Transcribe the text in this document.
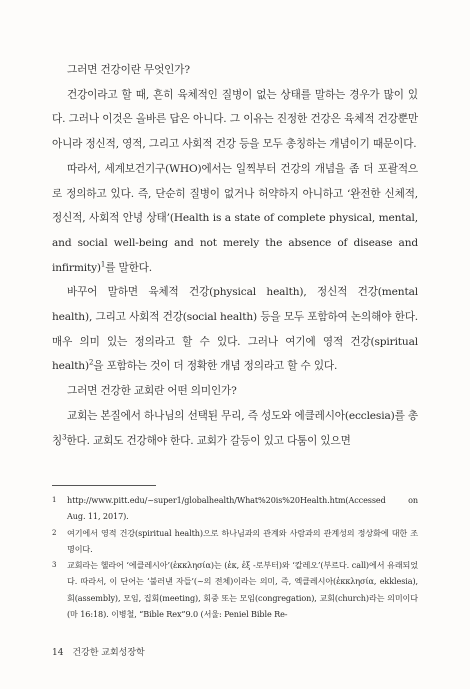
그러면 건강이란 무엇인가?

건강이라고 할 때, 흔히 육체적인 질병이 없는 상태를 말하는 경우가 많이 있다. 그러나 이것은 올바른 답은 아니다. 그 이유는 진정한 건강은 육체적 건강뿐만 아니라 정신적, 영적, 그리고 사회적 건강 등을 모두 총칭하는 개념이기 때문이다.

따라서, 세계보건기구(WHO)에서는 일찍부터 건강의 개념을 좀 더 포괄적으로 정의하고 있다. 즉, 단순히 질병이 없거나 허약하지 아니하고 ‘완전한 신체적, 정신적, 사회적 안녕 상태’(Health is a state of complete physical, mental, and social well-being and not merely the absence of disease and infirmity)$^1$를 말한다.

바꾸어 말하면 육체적 건강(physical health), 정신적 건강(mental health), 그리고 사회적 건강(social health) 등을 모두 포함하여 논의해야 한다. 매우 의미 있는 정의라고 할 수 있다. 그러나 여기에 영적 건강(spiritual health)$^2$을 포함하는 것이 더 정확한 개념 정의라고 할 수 있다.

그러면 건강한 교회란 어떤 의미인가?

교회는 본질에서 하나님의 선택된 무리, 즉 성도와 에클레시아(ecclesia)를 총칭$^3$한다. 교회도 건강해야 한다. 교회가 갈등이 있고 다툼이 있으면

1 http://www.pitt.edu/~super1/globalhealth/What%20is%20Health.htm(Accessed on Aug. 11, 2017).
2 여기에서 영적 건강(spiritual health)으로 하나님과의 관계와 사람과의 관계성의 정상화에 대한 조명이다.
3 교회라는 헬라어 ‘에클레시아’(ἐκκλησία)는 (ἐκ, ἐξ -로부터)와 ‘칼레오’(부르다. call)에서 유래되었다. 따라서, 이 단어는 ‘불러낸 자들’(~의 전체)이라는 의미, 즉, 엑클레시아(ἐκκλησία, ekklesia), 회(assembly), 모임, 집회(meeting), 회중 또는 모임(congregation), 교회(church)라는 의미이다(마 16:18). 이병철, “Bible Rex”9.0 (서울: Peniel Bible Re-
14 건강한 교회성장학
